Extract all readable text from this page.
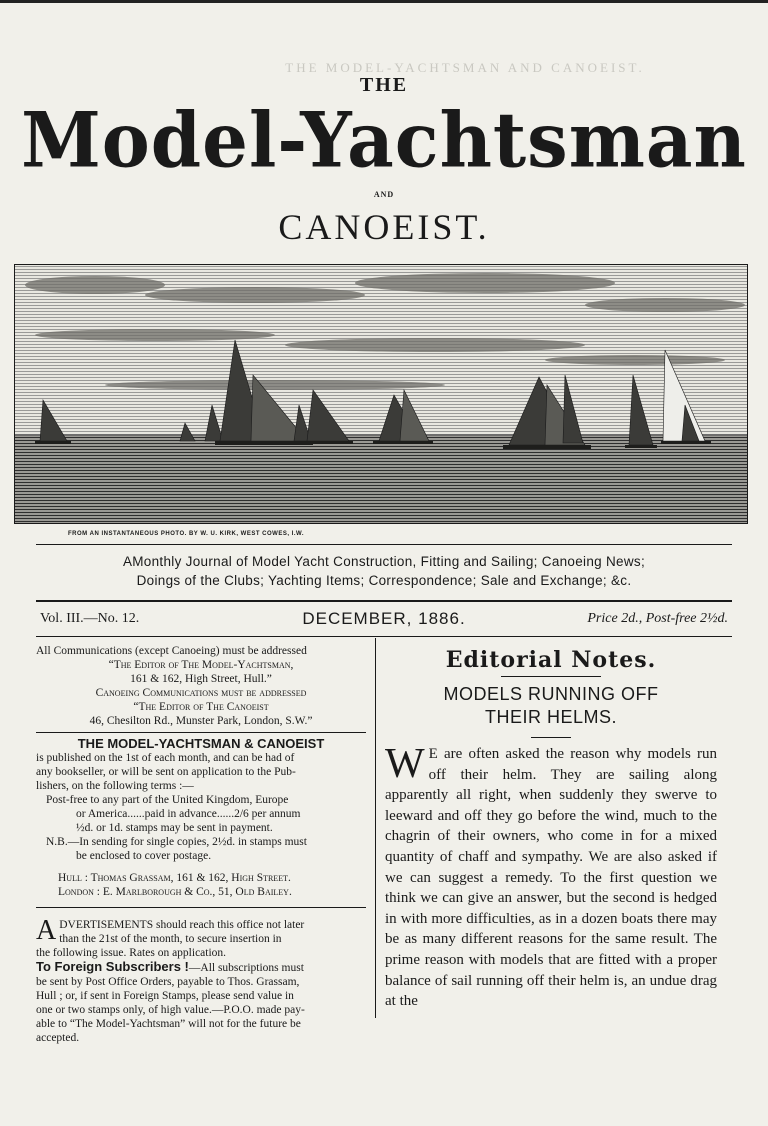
THE MODEL-YACHTSMAN AND CANOEIST.
THE
Model-Yachtsman
AND
CANOEIST.
FROM AN INSTANTANEOUS PHOTO. BY W. U. KIRK, WEST COWES, I.W.
AMonthly Journal of Model Yacht Construction, Fitting and Sailing; Canoeing News;
Doings of the Clubs; Yachting Items; Correspondence; Sale and Exchange; &c.
DECEMBER, 1886.
Vol. III.—No. 12.	Price 2d., Post-free 2½d.

All Communications (except Canoeing) must be addressed

“The Editor of The Model-Yachtsman,

161 & 162, High Street, Hull.”

Canoeing Communications must be addressed

“The Editor of The Canoeist

46, Chesilton Rd., Munster Park, London, S.W.”

THE MODEL-YACHTSMAN & CANOEIST

is published on the 1st of each month, and can be had of

any bookseller, or will be sent on application to the Pub-

lishers, on the following terms :—

Post-free to any part of the United Kingdom, Europe

or America......paid in advance......2/6 per annum

½d. or 1d. stamps may be sent in payment.

N.B.—In sending for single copies, 2½d. in stamps must

be enclosed to cover postage.

Hull : Thomas Grassam, 161 & 162, High Street.

London : E. Marlborough & Co., 51, Old Bailey.

A DVERTISEMENTS should reach this office not later

than the 21st of the month, to secure insertion in

the following issue. Rates on application.

To Foreign Subscribers !—All subscriptions must
be sent by Post Office Orders, payable to Thos. Grassam,
Hull ; or, if sent in Foreign Stamps, please send value in
one or two stamps only, of high value.—P.O.O. made pay-
able to “The Model-Yachtsman” will not for the future be
accepted.
Editorial Notes.
MODELS RUNNING OFF
THEIR HELMS.
W E are often asked the reason why models run off their helm. They are sailing along apparently all right, when suddenly they swerve to leeward and off they go before the wind, much to the chagrin of their owners, who come in for a mixed quantity of chaff and sympathy. We are also asked if we can suggest a remedy. To the first question we think we can give an answer, but the second is hedged in with more difficulties, as in a dozen boats there may be as many different reasons for the same result. The prime reason with models that are fitted with a proper balance of sail running off their helm is, an undue drag at the
